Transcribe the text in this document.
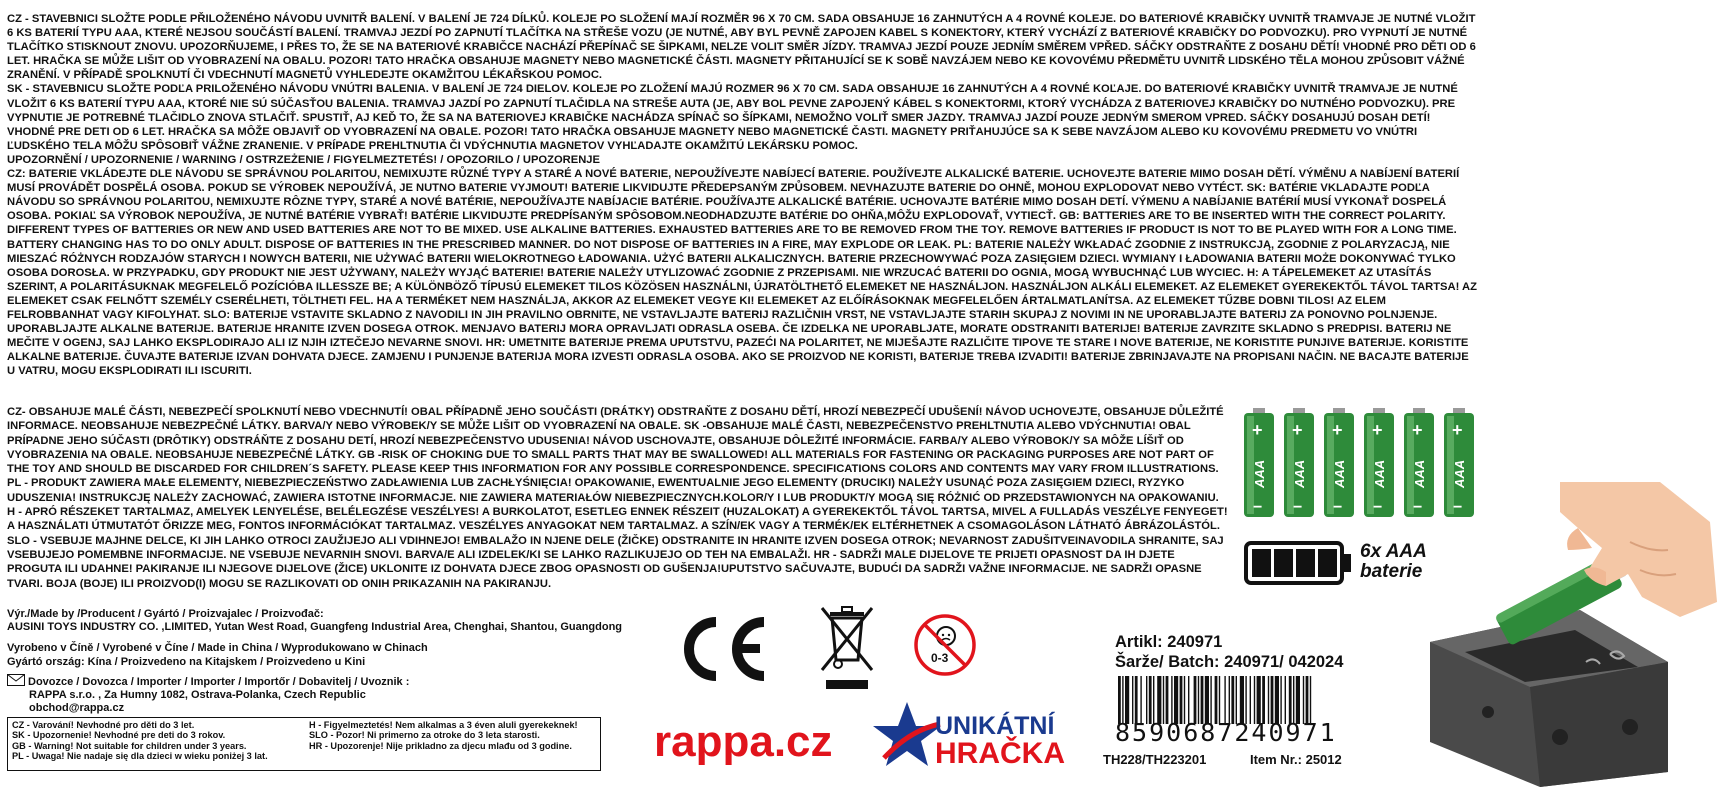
CZ - STAVEBNICI SLOŽTE PODLE PŘILOŽENÉHO NÁVODU UVNITŘ BALENÍ. V BALENÍ JE 724 DÍLKŮ. KOLEJE PO SLOŽENÍ MAJÍ ROZMĚR 96 X 70 CM. SADA OBSAHUJE 16 ZAHNUTÝCH A 4 ROVNÉ KOLEJE. DO BATERIOVÉ KRABIČKY UVNITŘ TRAMVAJE JE NUTNÉ VLOŽIT 6 KS BATERIÍ TYPU AAA, KTERÉ NEJSOU SOUČÁSTÍ BALENÍ. TRAMVAJ JEZDÍ PO ZAPNUTÍ TLAČÍTKA NA STŘEŠE VOZU (JE NUTNÉ, ABY BYL PEVNĚ ZAPOJEN KABEL S KONEKTORY, KTERÝ VYCHÁZÍ Z BATERIOVÉ KRABIČKY DO PODVOZKU). PRO VYPNUTÍ JE NUTNÉ TLAČÍTKO STISKNOUT ZNOVU. UPOZORŇUJEME, I PŘES TO, ŽE SE NA BATERIOVÉ KRABIČCE NACHÁZÍ PŘEPÍNAČ SE ŠIPKAMI, NELZE VOLIT SMĚR JÍZDY. TRAMVAJ JEZDÍ POUZE JEDNÍM SMĚREM VPŘED. SÁČKY ODSTRAŇTE Z DOSAHU DĚTÍ! VHODNÉ PRO DĚTI OD 6 LET. HRAČKA SE MŮŽE LIŠIT OD VYOBRAZENÍ NA OBALU. POZOR! TATO HRAČKA OBSAHUJE MAGNETY NEBO MAGNETICKÉ ČÁSTI. MAGNETY PŘITAHUJÍCÍ SE K SOBĚ NAVZÁJEM NEBO KE KOVOVÉMU PŘEDMĚTU UVNITŘ LIDSKÉHO TĚLA MOHOU ZPŮSOBIT VÁŽNÉ ZRANĚNÍ. V PŘÍPADĚ SPOLKNUTÍ ČI VDECHNUTÍ MAGNETŮ VYHLEDEJTE OKAMŽITOU LÉKAŘSKOU POMOC.

SK - STAVEBNICU SLOŽTE PODĽA PRILOŽENÉHO NÁVODU VNÚTRI BALENIA. V BALENÍ JE 724 DIELOV. KOLEJE PO ZLOŽENÍ MAJÚ ROZMER 96 X 70 CM. SADA OBSAHUJE 16 ZAHNUTÝCH A 4 ROVNÉ KOĽAJE. DO BATERIOVÉ KRABIČKY UVNITŘ TRAMVAJE JE NUTNÉ VLOŽIT 6 KS BATERIÍ TYPU AAA, KTORÉ NIE SÚ SÚČASŤOU BALENIA. TRAMVAJ JAZDÍ PO ZAPNUTÍ TLAČIDLA NA STREŠE AUTA (JE, ABY BOL PEVNE ZAPOJENÝ KÁBEL S KONEKTORMI, KTORÝ VYCHÁDZA Z BATERIOVEJ KRABIČKY DO NUTNÉHO PODVOZKU). PRE VYPNUTIE JE POTREBNÉ TLAČIDLO ZNOVA STLAČIŤ. SPUSTIŤ, AJ KEĎ TO, ŽE SA NA BATERIOVEJ KRABIČKE NACHÁDZA SPÍNAČ SO ŠÍPKAMI, NEMOŽNO VOLIŤ SMER JAZDY. TRAMVAJ JAZDÍ POUZE JEDNÝM SMEROM VPRED. SÁČKY DOSAHUJÚ DOSAH DETÍ! VHODNÉ PRE DETI OD 6 LET. HRAČKA SA MÔŽE OBJAVIŤ OD VYOBRAZENÍ NA OBALE. POZOR! TATO HRAČKA OBSAHUJE MAGNETY NEBO MAGNETICKÉ ČASTI. MAGNETY PRIŤAHUJÚCE SA K SEBE NAVZÁJOM ALEBO KU KOVOVÉMU PREDMETU VO VNÚTRI ĽUDSKÉHO TELA MÔŽU SPÔSOBIŤ VÁŽNE ZRANENIE. V PRÍPADE PREHLTNUTIA ČI VDÝCHNUTIA MAGNETOV VYHĽADAJTE OKAMŽITÚ LEKÁRSKU POMOC.

UPOZORNĚNÍ / UPOZORNENIE / WARNING / OSTRZEŻENIE / FIGYELMEZTETÉS! / OPOZORILO / UPOZORENJE

CZ: BATERIE VKLÁDEJTE DLE NÁVODU SE SPRÁVNOU POLARITOU, NEMIXUJTE RŮZNÉ TYPY A STARÉ A NOVÉ BATERIE, NEPOUŽÍVEJTE NABÍJECÍ BATERIE. POUŽÍVEJTE ALKALICKÉ BATERIE. UCHOVEJTE BATERIE MIMO DOSAH DĚTÍ. VÝMĚNU A NABÍJENÍ BATERIÍ MUSÍ PROVÁDĚT DOSPĚLÁ OSOBA. POKUD SE VÝROBEK NEPOUŽÍVÁ, JE NUTNO BATERIE VYJMOUT! BATERIE LIKVIDUJTE PŘEDEPSANÝM ZPŮSOBEM. NEVHAZUJTE BATERIE DO OHNĚ, MOHOU EXPLODOVAT NEBO VYTÉCT. SK: BATÉRIE VKLADAJTE PODĽA NÁVODU SO SPRÁVNOU POLARITOU, NEMIXUJTE RÔZNE TYPY, STARÉ A NOVÉ BATÉRIE, NEPOUŽÍVAJTE NABÍJACIE BATÉRIE. POUŽÍVAJTE ALKALICKÉ BATÉRIE. UCHOVAJTE BATÉRIE MIMO DOSAH DETÍ. VÝMENU A NABÍJANIE BATÉRIÍ MUSÍ VYKONAŤ DOSPELÁ OSOBA. POKIAĽ SA VÝROBOK NEPOUŽÍVA, JE NUTNÉ BATÉRIE VYBRAŤ! BATÉRIE LIKVIDUJTE PREDPÍSANÝM SPÔSOBOM.NEODHADZUJTE BATÉRIE DO OHŇA,MÔŽU EXPLODOVAŤ, VYTIECŤ. GB: BATTERIES ARE TO BE INSERTED WITH THE CORRECT POLARITY. DIFFERENT TYPES OF BATTERIES OR NEW AND USED BATTERIES ARE NOT TO BE MIXED. USE ALKALINE BATTERIES. EXHAUSTED BATTERIES ARE TO BE REMOVED FROM THE TOY. REMOVE BATTERIES IF PRODUCT IS NOT TO BE PLAYED WITH FOR A LONG TIME. BATTERY CHANGING HAS TO DO ONLY ADULT. DISPOSE OF BATTERIES IN THE PRESCRIBED MANNER. DO NOT DISPOSE OF BATTERIES IN A FIRE, MAY EXPLODE OR LEAK. PL: BATERIE NALEŻY WKŁADAĆ ZGODNIE Z INSTRUKCJĄ, ZGODNIE Z POLARYZACJĄ, NIE MIESZAĆ RÓŻNYCH RODZAJÓW STARYCH I NOWYCH BATERII, NIE UŻYWAĆ BATERII WIELOKROTNEGO ŁADOWANIA. UŻYĆ BATERII ALKALICZNYCH. BATERIE PRZECHOWYWAĆ POZA ZASIĘGIEM DZIECI. WYMIANY I ŁADOWANIA BATERII MOŻE DOKONYWAĆ TYLKO OSOBA DOROSŁA. W PRZYPADKU, GDY PRODUKT NIE JEST UŻYWANY, NALEŻY WYJĄĆ BATERIE! BATERIE NALEŻY UTYLIZOWAĆ ZGODNIE Z PRZEPISAMI. NIE WRZUCAĆ BATERII DO OGNIA, MOGĄ WYBUCHNĄĆ LUB WYCIEC. H: A TÁPELEMEKET AZ UTASÍTÁS SZERINT, A POLARITÁSUKNAK MEGFELELŐ POZÍCIÓBA ILLESSZE BE; A KÜLÖNBÖZŐ TÍPUSÚ ELEMEKET TILOS KÖZÖSEN HASZNÁLNI, ÚJRATÖLTHETŐ ELEMEKET NE HASZNÁLJON. HASZNÁLJON ALKÁLI ELEMEKET. AZ ELEMEKET GYEREKEKTŐL TÁVOL TARTSA! AZ ELEMEKET CSAK FELNŐTT SZEMÉLY CSERÉLHETI, TÖLTHETI FEL. HA A TERMÉKET NEM HASZNÁLJA, AKKOR AZ ELEMEKET VEGYE KI! ELEMEKET AZ ELŐÍRÁSOKNAK MEGFELELŐEN ÁRTALMATLANÍTSA. AZ ELEMEKET TŰZBE DOBNI TILOS! AZ ELEM FELROBBANHAT VAGY KIFOLYHAT. SLO: BATERIJE VSTAVITE SKLADNO Z NAVODILI IN JIH PRAVILNO OBRNITE, NE VSTAVLJAJTE BATERIJ RAZLIČNIH VRST, NE VSTAVLJAJTE STARIH SKUPAJ Z NOVIMI IN NE UPORABLJAJTE BATERIJ ZA PONOVNO POLNJENJE. UPORABLJAJTE ALKALNE BATERIJE. BATERIJE HRANITE IZVEN DOSEGA OTROK. MENJAVO BATERIJ MORA OPRAVLJATI ODRASLA OSEBA. ČE IZDELKA NE UPORABLJATE, MORATE ODSTRANITI BATERIJE! BATERIJE ZAVRZITE SKLADNO S PREDPISI. BATERIJ NE MEČITE V OGENJ, SAJ LAHKO EKSPLODIRAJO ALI IZ NJIH IZTEČEJO NEVARNE SNOVI. HR: UMETNITE BATERIJE PREMA UPUTSTVU, PAZEĆI NA POLARITET, NE MIJEŠAJTE RAZLIČITE TIPOVE TE STARE I NOVE BATERIJE, NE KORISTITE PUNJIVE BATERIJE. KORISTITE ALKALNE BATERIJE. ČUVAJTE BATERIJE IZVAN DOHVATA DJECE. ZAMJENU I PUNJENJE BATERIJA MORA IZVESTI ODRASLA OSOBA. AKO SE PROIZVOD NE KORISTI, BATERIJE TREBA IZVADITI! BATERIJE ZBRINJAVAJTE NA PROPISANI NAČIN. NE BACAJTE BATERIJE U VATRU, MOGU EKSPLODIRATI ILI ISCURITI.

CZ- OBSAHUJE MALÉ ČÁSTI, NEBEZPEČÍ SPOLKNUTÍ NEBO VDECHNUTÍ! OBAL PŘÍPADNĚ JEHO SOUČÁSTI (DRÁTKY) ODSTRAŇTE Z DOSAHU DĚTÍ, HROZÍ NEBEZPEČÍ UDUŠENÍ! NÁVOD UCHOVEJTE, OBSAHUJE DŮLEŽITÉ INFORMACE. NEOBSAHUJE NEBEZPEČNÉ LÁTKY. BARVA/Y NEBO VÝROBEK/Y SE MŮŽE LIŠIT OD VYOBRAZENÍ NA OBALE. SK -OBSAHUJE MALÉ ČASTI, NEBEZPEČENSTVO PREHLTNUTIA ALEBO VDÝCHNUTIA! OBAL PRÍPADNE JEHO SÚČASTI (DRÔTIKY) ODSTRÁŇTE Z DOSAHU DETÍ, HROZÍ NEBEZPEČENSTVO UDUSENIA! NÁVOD USCHOVAJTE, OBSAHUJE DÔLEŽITÉ INFORMÁCIE. FARBA/Y ALEBO VÝROBOK/Y SA MÔŽE LÍŠIŤ OD VYOBRAZENIA NA OBALE. NEOBSAHUJE NEBEZPEČNÉ LÁTKY. GB -RISK OF CHOKING DUE TO SMALL PARTS THAT MAY BE SWALLOWED! ALL MATERIALS FOR FASTENING OR PACKAGING PURPOSES ARE NOT PART OF THE TOY AND SHOULD BE DISCARDED FOR CHILDREN´S SAFETY. PLEASE KEEP THIS INFORMATION FOR ANY POSSIBLE CORRESPONDENCE. SPECIFICATIONS COLORS AND CONTENTS MAY VARY FROM ILLUSTRATIONS. PL - PRODUKT ZAWIERA MAŁE ELEMENTY, NIEBEZPIECZEŃSTWO ZADŁAWIENIA LUB ZACHŁYŚNIĘCIA! OPAKOWANIE, EWENTUALNIE JEGO ELEMENTY (DRUCIKI) NALEŻY USUNĄĆ POZA ZASIĘGIEM DZIECI, RYZYKO UDUSZENIA! INSTRUKCJĘ NALEŻY ZACHOWAĆ, ZAWIERA ISTOTNE INFORMACJE. NIE ZAWIERA MATERIAŁÓW NIEBEZPIECZNYCH.KOLOR/Y I LUB PRODUKT/Y MOGĄ SIĘ RÓŻNIĆ OD PRZEDSTAWIONYCH NA OPAKOWANIU. H - APRÓ RÉSZEKET TARTALMAZ, AMELYEK LENYELÉSE, BELÉLEGZÉSE VESZÉLYES! A BURKOLATOT, ESETLEG ENNEK RÉSZEIT (HUZALOKAT) A GYEREKEKTŐL TÁVOL TARTSA, MIVEL A FULLADÁS VESZÉLYE FENYEGET! A HASZNÁLATI ÚTMUTATÓT ŐRIZZE MEG, FONTOS INFORMÁCIÓKAT TARTALMAZ. VESZÉLYES ANYAGOKAT NEM TARTALMAZ. A SZÍN/EK VAGY A TERMÉK/EK ELTÉRHETNEK A CSOMAGOLÁSON LÁTHATÓ ÁBRÁZOLÁSTÓL. SLO - VSEBUJE MAJHNE DELCE, KI JIH LAHKO OTROCI ZAUŽIJEJO ALI VDIHNEJO! EMBALAŽO IN NJENE DELE (ŽIČKE) ODSTRANITE IN HRANITE IZVEN DOSEGA OTROK; NEVARNOST ZADUŠITVEINAVODILA SHRANITE, SAJ VSEBUJEJO POMEMBNE INFORMACIJE. NE VSEBUJE NEVARNIH SNOVI. BARVA/E ALI IZDELEK/KI SE LAHKO RAZLIKUJEJO OD TEH NA EMBALAŽI. HR - SADRŽI MALE DIJELOVE TE PRIJETI OPASNOST DA IH DJETE PROGUTA ILI UDAHNE! PAKIRANJE ILI NJEGOVE DIJELOVE (ŽICE) UKLONITE IZ DOHVATA DJECE ZBOG OPASNOSTI OD GUŠENJA!UPUTSTVO SAČUVAJTE, BUDUĆI DA SADRŽI VAŽNE INFORMACIJE. NE SADRŽI OPASNE TVARI. BOJA (BOJE) ILI PROIZVOD(I) MOGU SE RAZLIKOVATI OD ONIH PRIKAZANIH NA PAKIRANJU.

+
AAA
−
+
AAA
−
+
AAA
−
+
AAA
−
+
AAA
−
+
AAA
−
6x AAA
baterie
Výr./Made by /Producent / Gyártó / Proizvajalec / Proizvođač:
AUSINI TOYS INDUSTRY CO. ,LIMITED, Yutan West Road, Guangfeng Industrial Area, Chenghai, Shantou, Guangdong
Vyrobeno v Číně / Vyrobené v Číne / Made in China / Wyprodukowano w Chinach
Gyártó ország: Kína / Proizvedeno na Kitajskem / Proizvedeno u Kini
Dovozce / Dovozca / Importer / Importer / Importőr / Dobavitelj / Uvoznik :
RAPPA s.r.o. , Za Humny 1082, Ostrava-Polanka, Czech Republic
obchod@rappa.cz
CZ - Varování! Nevhodné pro děti do 3 let.
SK - Upozornenie! Nevhodné pre deti do 3 rokov.
GB - Warning! Not suitable for children under 3 years.
PL - Uwaga! Nie nadaje się dla dzieci w wieku poniżej 3 lat.
H - Figyelmeztetés! Nem alkalmas a 3 éven aluli gyerekeknek!
SLO - Pozor! Ni primerno za otroke do 3 leta starosti.
HR - Upozorenje! Nije prikladno za djecu mlađu od 3 godine.
0-3
rappa.cz	UNIKÁTNÍ
HRAČKA
Artikl: 240971
Šarže/ Batch: 240971/ 042024
8590687240971
TH228/TH223201	Item Nr.: 25012
